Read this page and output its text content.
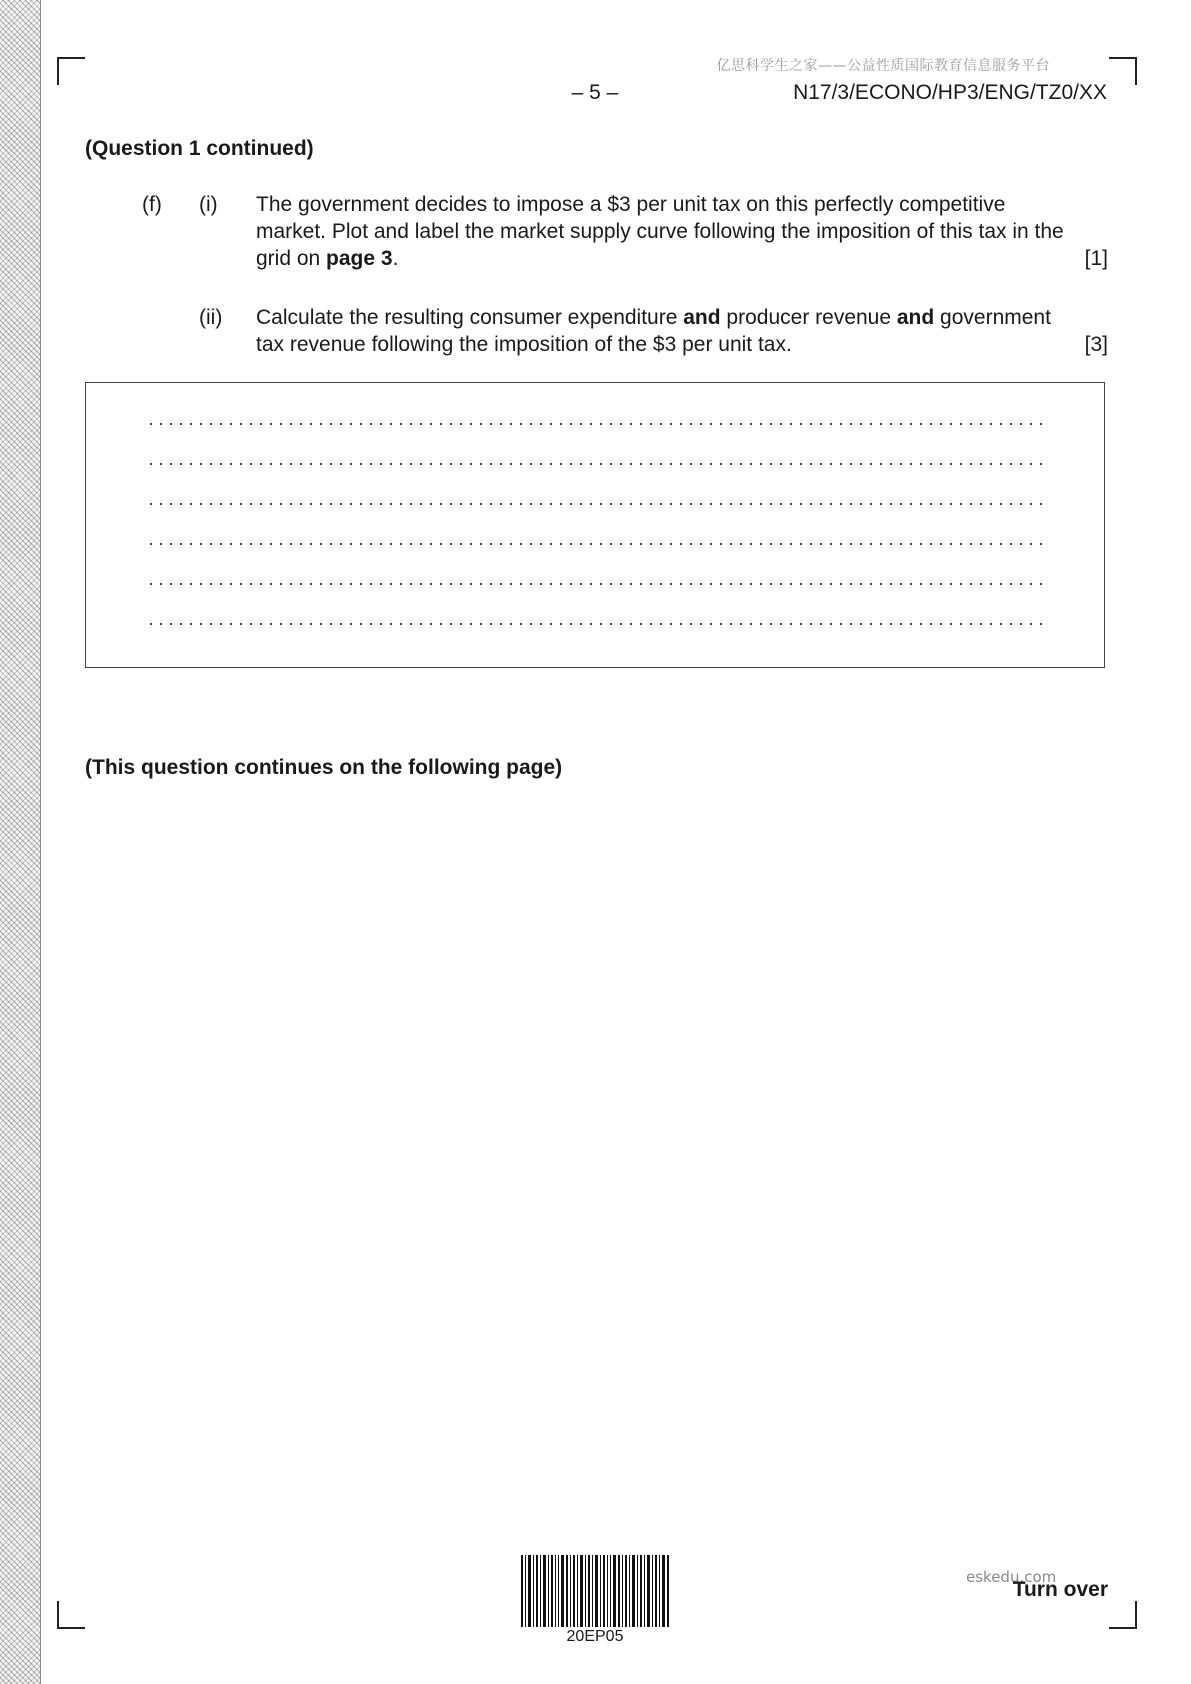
亿思科学生之家——公益性质国际教育信息服务平台
– 5 –	N17/3/ECONO/HP3/ENG/TZ0/XX
(Question 1 continued)
(f) (i) The government decides to impose a $3 per unit tax on this perfectly competitive market. Plot and label the market supply curve following the imposition of this tax in the grid on page 3.	[1]
(ii) Calculate the resulting consumer expenditure and producer revenue and government tax revenue following the imposition of the $3 per unit tax.	[3]
(This question continues on the following page)
20EP05
eskedu.com
Turn over
